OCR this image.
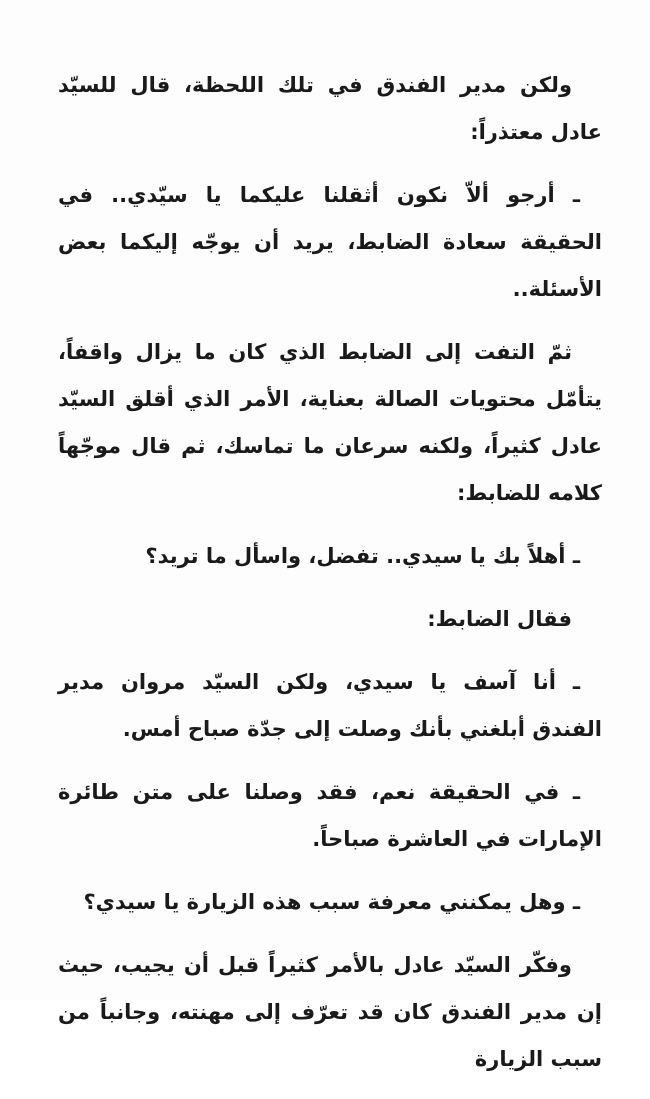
ولكن مدير الفندق في تلك اللحظة، قال للسيّد عادل معتذراً:

ـ أرجو ألاّ نكون أثقلنا عليكما يا سيّدي.. في الحقيقة سعادة الضابط، يريد أن يوجّه إليكما بعض الأسئلة..

ثمّ التفت إلى الضابط الذي كان ما يزال واقفاً، يتأمّل محتويات الصالة بعناية، الأمر الذي أقلق السيّد عادل كثيراً، ولكنه سرعان ما تماسك، ثم قال موجّهاً كلامه للضابط:

ـ أهلاً بك يا سيدي.. تفضل، واسأل ما تريد؟

فقال الضابط:

ـ أنا آسف يا سيدي، ولكن السيّد مروان مدير الفندق أبلغني بأنك وصلت إلى جدّة صباح أمس.

ـ في الحقيقة نعم، فقد وصلنا على متن طائرة الإمارات في العاشرة صباحاً.

ـ وهل يمكنني معرفة سبب هذه الزيارة يا سيدي؟

وفكّر السيّد عادل بالأمر كثيراً قبل أن يجيب، حيث إن مدير الفندق كان قد تعرّف إلى مهنته، وجانباً من سبب الزيارة
